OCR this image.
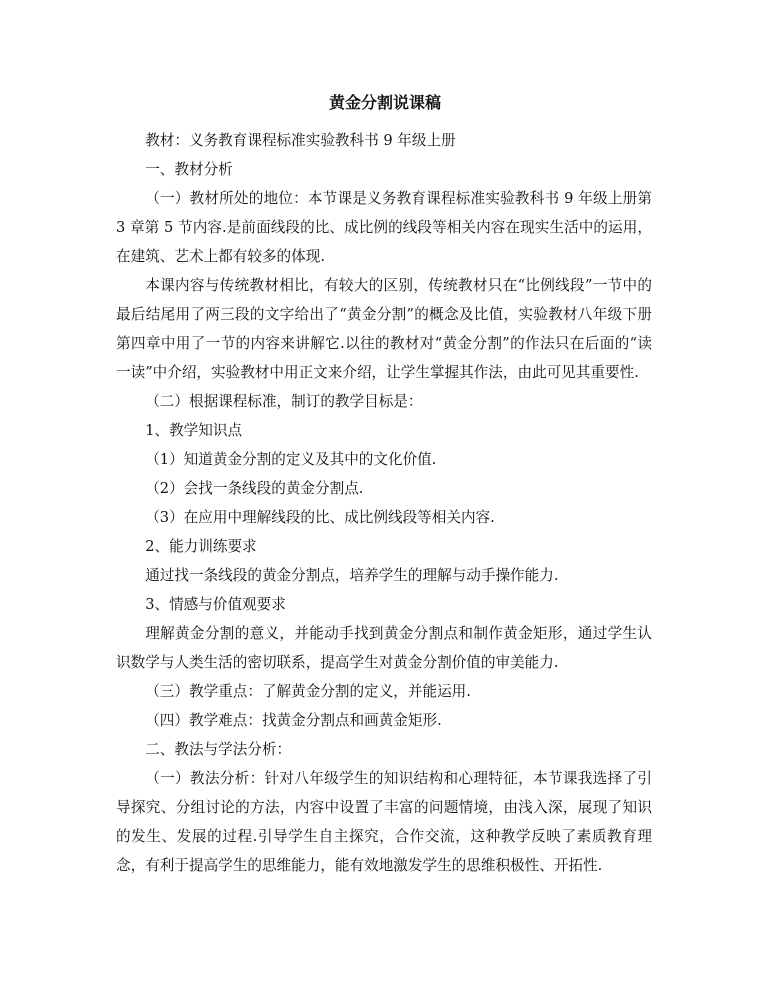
黄金分割说课稿

教材：义务教育课程标准实验教科书 9 年级上册

一、教材分析

（一）教材所处的地位：本节课是义务教育课程标准实验教科书 9 年级上册第 3 章第 5 节内容.是前面线段的比、成比例的线段等相关内容在现实生活中的运用，在建筑、艺术上都有较多的体现.

本课内容与传统教材相比，有较大的区别，传统教材只在“比例线段”一节中的最后结尾用了两三段的文字给出了“黄金分割”的概念及比值，实验教材八年级下册第四章中用了一节的内容来讲解它.以往的教材对“黄金分割”的作法只在后面的“读一读”中介绍，实验教材中用正文来介绍，让学生掌握其作法，由此可见其重要性.

（二）根据课程标准，制订的教学目标是：

1、教学知识点

（1）知道黄金分割的定义及其中的文化价值.

（2）会找一条线段的黄金分割点.

（3）在应用中理解线段的比、成比例线段等相关内容.

2、能力训练要求

通过找一条线段的黄金分割点，培养学生的理解与动手操作能力.

3、情感与价值观要求

理解黄金分割的意义，并能动手找到黄金分割点和制作黄金矩形，通过学生认识数学与人类生活的密切联系，提高学生对黄金分割价值的审美能力.

（三）教学重点：了解黄金分割的定义，并能运用.

（四）教学难点：找黄金分割点和画黄金矩形.

二、教法与学法分析：

（一）教法分析：针对八年级学生的知识结构和心理特征，本节课我选择了引导探究、分组讨论的方法，内容中设置了丰富的问题情境，由浅入深，展现了知识的发生、发展的过程.引导学生自主探究，合作交流，这种教学反映了素质教育理念，有利于提高学生的思维能力，能有效地激发学生的思维积极性、开拓性.
